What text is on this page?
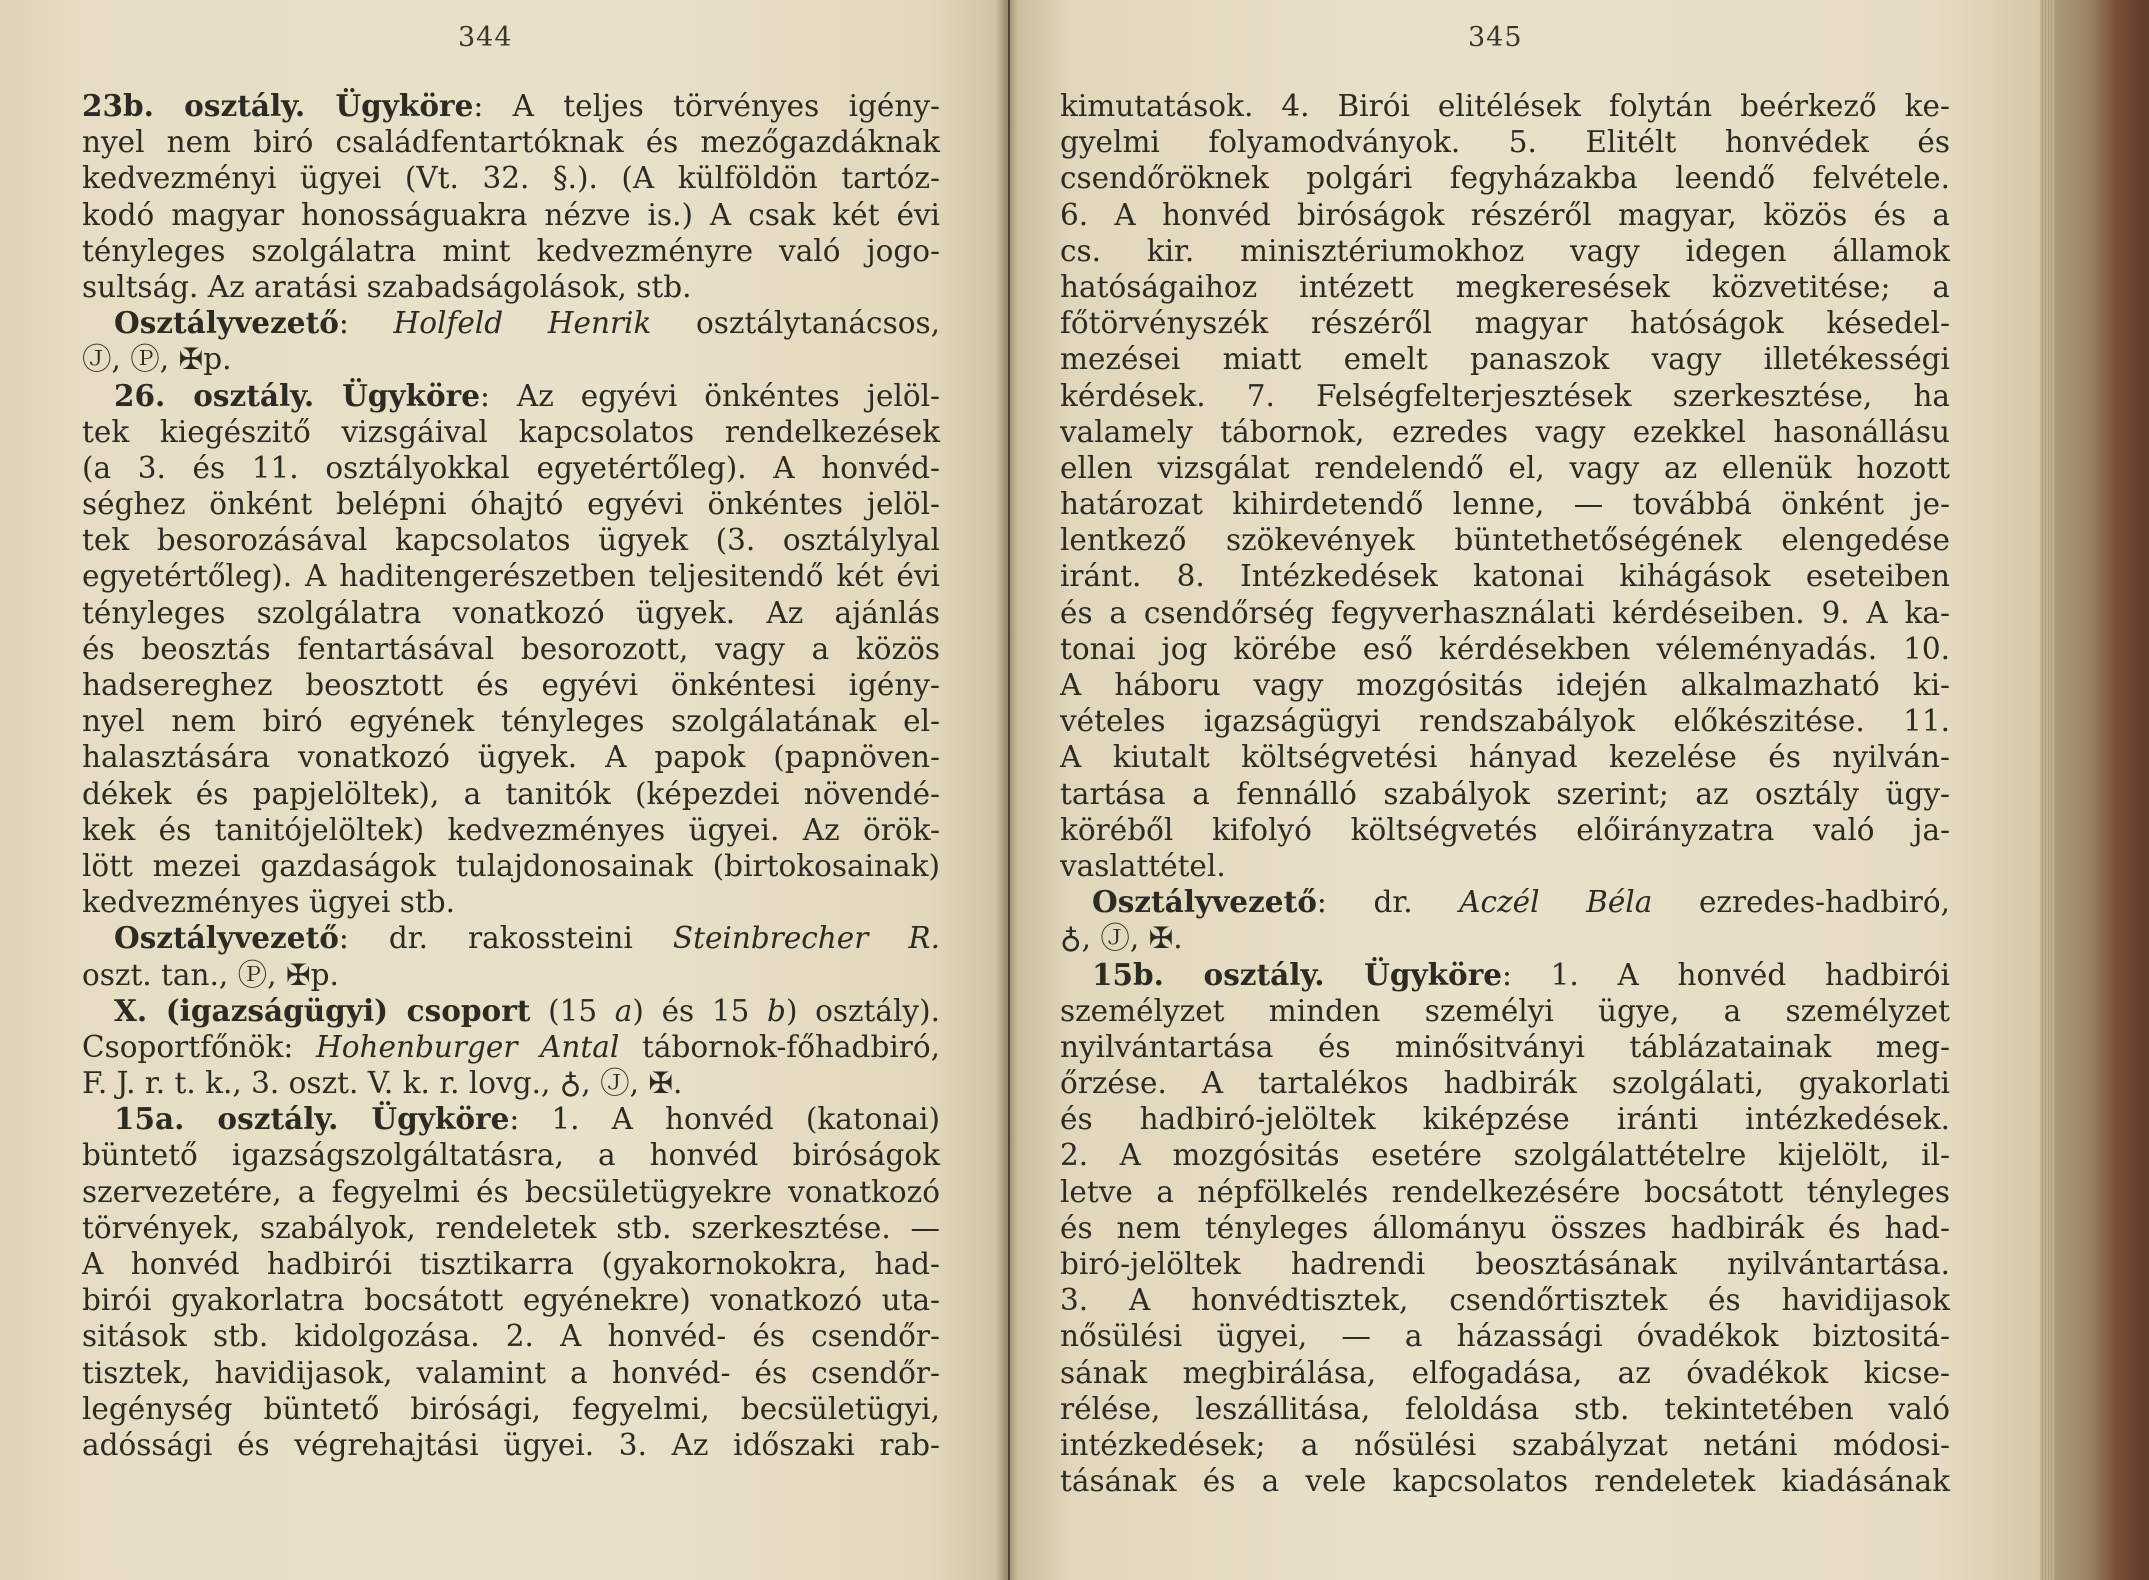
344
23b. osztály. Ügyköre: A teljes törvényes igény-
nyel nem biró családfentartóknak és mezőgazdáknak
kedvezményi ügyei (Vt. 32. §.). (A külföldön tartóz-
kodó magyar honosságuakra nézve is.) A csak két évi
tényleges szolgálatra mint kedvezményre való jogo-
sultság. Az aratási szabadságolások, stb.
Osztályvezető: Holfeld Henrik osztálytanácsos,
Ⓙ, Ⓟ, ✠p.
26. osztály. Ügyköre: Az egyévi önkéntes jelöl-
tek kiegészitő vizsgáival kapcsolatos rendelkezések
(a 3. és 11. osztályokkal egyetértőleg). A honvéd-
séghez önként belépni óhajtó egyévi önkéntes jelöl-
tek besorozásával kapcsolatos ügyek (3. osztálylyal
egyetértőleg). A haditengerészetben teljesitendő két évi
tényleges szolgálatra vonatkozó ügyek. Az ajánlás
és beosztás fentartásával besorozott, vagy a közös
hadsereghez beosztott és egyévi önkéntesi igény-
nyel nem biró egyének tényleges szolgálatának el-
halasztására vonatkozó ügyek. A papok (papnöven-
dékek és papjelöltek), a tanitók (képezdei növendé-
kek és tanitójelöltek) kedvezményes ügyei. Az örök-
lött mezei gazdaságok tulajdonosainak (birtokosainak)
kedvezményes ügyei stb.
Osztályvezető: dr. rakossteini Steinbrecher R.
oszt. tan., Ⓟ, ✠p.
X. (igazságügyi) csoport (15 a) és 15 b) osztály).
Csoportfőnök: Hohenburger Antal tábornok-főhadbiró,
F. J. r. t. k., 3. oszt. V. k. r. lovg., ♁, Ⓙ, ✠.
15a. osztály. Ügyköre: 1. A honvéd (katonai)
büntető igazságszolgáltatásra, a honvéd biróságok
szervezetére, a fegyelmi és becsületügyekre vonatkozó
törvények, szabályok, rendeletek stb. szerkesztése. —
A honvéd hadbirói tisztikarra (gyakornokokra, had-
birói gyakorlatra bocsátott egyénekre) vonatkozó uta-
sitások stb. kidolgozása. 2. A honvéd- és csendőr-
tisztek, havidijasok, valamint a honvéd- és csendőr-
legénység büntető birósági, fegyelmi, becsületügyi,
adóssági és végrehajtási ügyei. 3. Az időszaki rab-
345
kimutatások. 4. Birói elitélések folytán beérkező ke-
gyelmi folyamodványok. 5. Elitélt honvédek és
csendőröknek polgári fegyházakba leendő felvétele.
6. A honvéd biróságok részéről magyar, közös és a
cs. kir. minisztériumokhoz vagy idegen államok
hatóságaihoz intézett megkeresések közvetitése; a
főtörvényszék részéről magyar hatóságok késedel-
mezései miatt emelt panaszok vagy illetékességi
kérdések. 7. Felségfelterjesztések szerkesztése, ha
valamely tábornok, ezredes vagy ezekkel hasonállásu
ellen vizsgálat rendelendő el, vagy az ellenük hozott
határozat kihirdetendő lenne, — továbbá önként je-
lentkező szökevények büntethetőségének elengedése
iránt. 8. Intézkedések katonai kihágások eseteiben
és a csendőrség fegyverhasználati kérdéseiben. 9. A ka-
tonai jog körébe eső kérdésekben véleményadás. 10.
A háboru vagy mozgósitás idején alkalmazható ki-
vételes igazságügyi rendszabályok előkészitése. 11.
A kiutalt költségvetési hányad kezelése és nyilván-
tartása a fennálló szabályok szerint; az osztály ügy-
köréből kifolyó költségvetés előirányzatra való ja-
vaslattétel.
Osztályvezető: dr. Aczél Béla ezredes-hadbiró,
♁, Ⓙ, ✠.
15b. osztály. Ügyköre: 1. A honvéd hadbirói
személyzet minden személyi ügye, a személyzet
nyilvántartása és minősitványi táblázatainak meg-
őrzése. A tartalékos hadbirák szolgálati, gyakorlati
és hadbiró-jelöltek kiképzése iránti intézkedések.
2. A mozgósitás esetére szolgálattételre kijelölt, il-
letve a népfölkelés rendelkezésére bocsátott tényleges
és nem tényleges állományu összes hadbirák és had-
biró-jelöltek hadrendi beosztásának nyilvántartása.
3. A honvédtisztek, csendőrtisztek és havidijasok
nősülési ügyei, — a házassági óvadékok biztositá-
sának megbirálása, elfogadása, az óvadékok kicse-
rélése, leszállitása, feloldása stb. tekintetében való
intézkedések; a nősülési szabályzat netáni módosi-
tásának és a vele kapcsolatos rendeletek kiadásának
